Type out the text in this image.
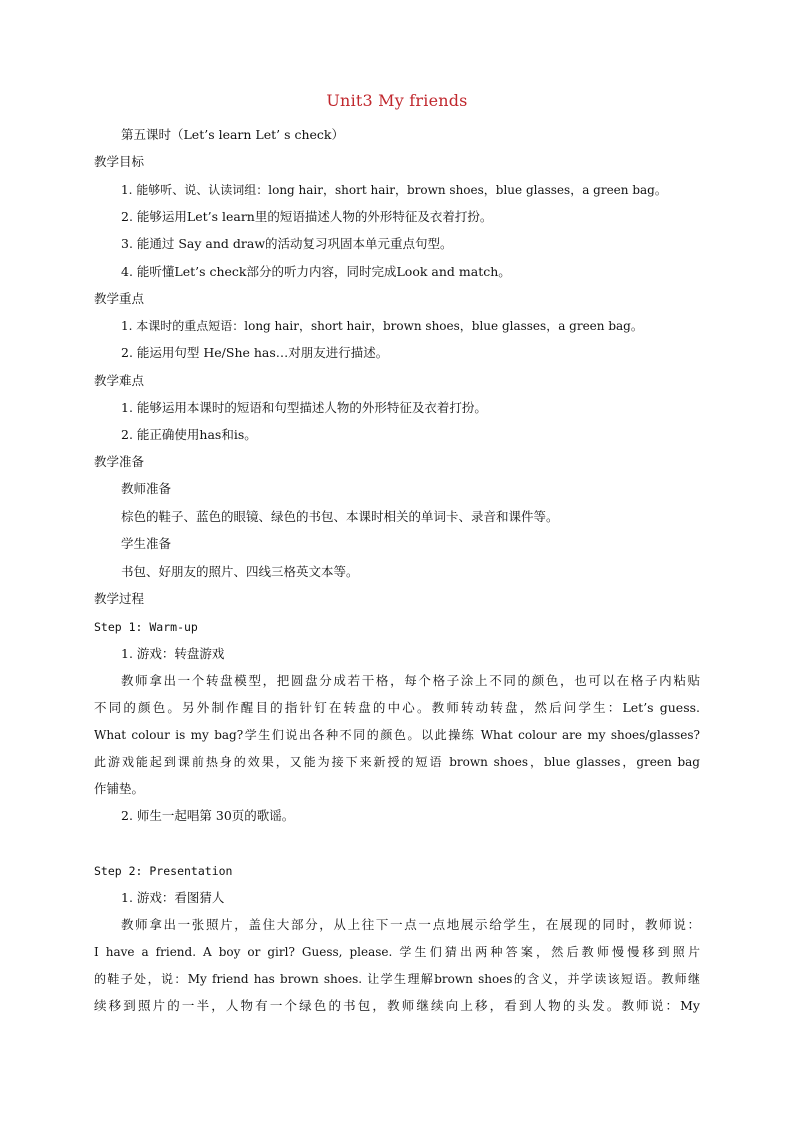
Unit3 My friends
第五课时（Let’s learn Let’ s check）
教学目标
1. 能够听、说、认读词组：long hair，short hair，brown shoes，blue glasses，a green bag。
2. 能够运用Let’s learn里的短语描述人物的外形特征及衣着打扮。
3. 能通过 Say and draw的活动复习巩固本单元重点句型。
4. 能听懂Let’s check部分的听力内容，同时完成Look and match。
教学重点
1. 本课时的重点短语：long hair，short hair，brown shoes，blue glasses，a green bag。
2. 能运用句型 He/She has…对朋友进行描述。
教学难点
1. 能够运用本课时的短语和句型描述人物的外形特征及衣着打扮。
2. 能正确使用has和is。
教学准备
教师准备
棕色的鞋子、蓝色的眼镜、绿色的书包、本课时相关的单词卡、录音和课件等。
学生准备
书包、好朋友的照片、四线三格英文本等。
教学过程
Step 1: Warm-up
1. 游戏：转盘游戏
教师拿出一个转盘模型，把圆盘分成若干格，每个格子涂上不同的颜色，也可以在格子内粘贴
不同的颜色。另外制作醒目的指针钉在转盘的中心。教师转动转盘，然后问学生：Let’s guess.
What colour is my bag?学生们说出各种不同的颜色。以此操练 What colour are my shoes/glasses?
此游戏能起到课前热身的效果，又能为接下来新授的短语 brown shoes，blue glasses，green bag
作铺垫。
2. 师生一起唱第 30页的歌谣。
Step 2: Presentation
1. 游戏：看图猜人
教师拿出一张照片，盖住大部分，从上往下一点一点地展示给学生，在展现的同时，教师说：
I have a friend. A boy or girl? Guess, please. 学生们猜出两种答案，然后教师慢慢移到照片
的鞋子处，说：My friend has brown shoes. 让学生理解brown shoes的含义，并学读该短语。教师继
续移到照片的一半，人物有一个绿色的书包，教师继续向上移，看到人物的头发。教师说：My
